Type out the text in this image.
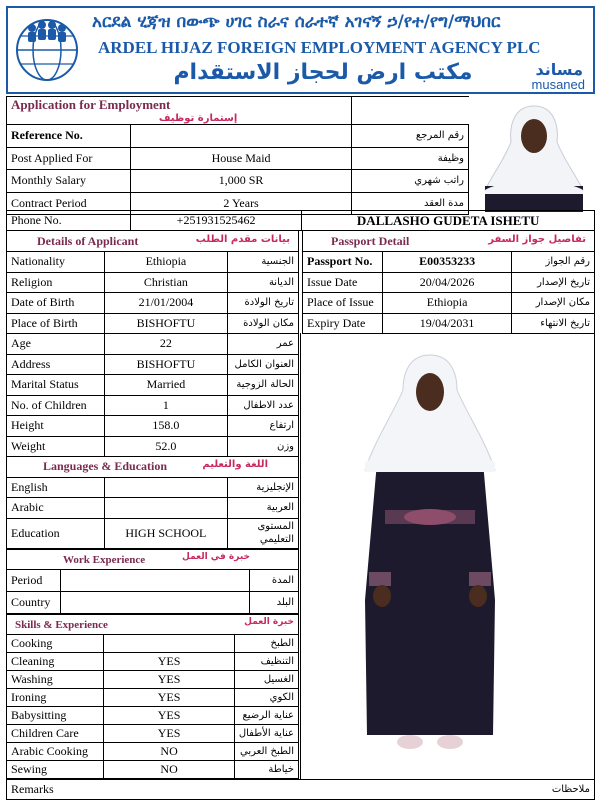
አርደል ሂጃዝ በውጭ ሀገር ስራና ሰራተኛ አገናኝ ኃ/የተ/የግ/ማህበር
ARDEL HIJAZ FOREIGN EMPLOYMENT AGENCY PLC
مكتب ارض لحجاز الاستقدام	مساند
musaned
Application for Employment
إستمارة توظيف		

Reference No.		رقم المرجع
Post Applied For	House Maid	وظيفة
Monthly Salary	1,000 SR	راتب شهري
Contract Period	2 Years	مدة العقد
Phone No.	+251931525462	DALLASHO GUDETA ISHETU
Details of Applicant بيانات مقدم الطلب		

Nationality	Ethiopia	الجنسية
Religion	Christian	الديانة
Date of Birth	21/01/2004	تاريخ الولادة
Place of Birth	BISHOFTU	مكان الولادة
Age	22	عمر
Address	BISHOFTU	العنوان الكامل
Marital Status	Married	الحالة الزوجية
No. of Children	1	عدد الاطفال
Height	158.0	ارتفاع
Weight	52.0	وزن
Passport Detail تفاصيل جواز السفر		

Passport No.	E00353233	رقم الجواز
Issue Date	20/04/2026	تاريخ الإصدار
Place of Issue	Ethiopia	مكان الإصدار
Expiry Date	19/04/2031	تاريخ الانتهاء
Languages & Education اللغة والتعليم		

English		الإنجليزية
Arabic		العربية
Education	HIGH SCHOOL	المستوى
التعليمي
Work Experience خبرة في العمل		

Period		المدة
Country		البلد
Skills & Experience خبرة العمل		

Cooking		الطبخ
Cleaning	YES	التنظيف
Washing	YES	الغسيل
Ironing	YES	الكوي
Babysitting	YES	عناية الرضيع
Children Care	YES	عناية الأطفال
Arabic Cooking	NO	الطبخ العربي
Sewing	NO	خياطة
Remarks	ملاحظات
